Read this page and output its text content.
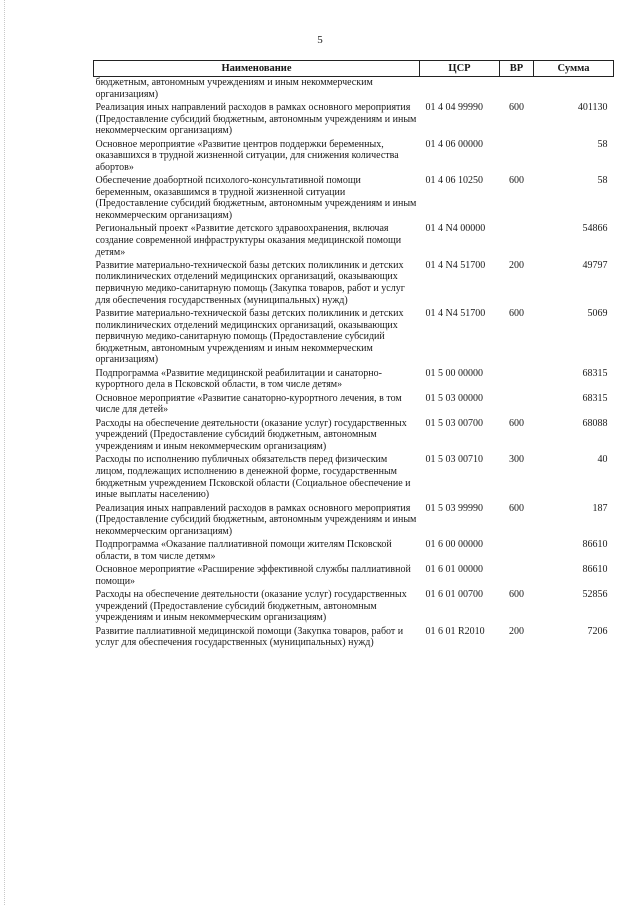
5
Наименование	ЦСР	ВР	Сумма
бюджетным, автономным учреждениям и иным некоммерческим организациям)			
Реализация иных направлений расходов в рамках основного мероприятия (Предоставление субсидий бюджетным, автономным учреждениям и иным некоммерческим организациям)	01 4 04 99990	600	401130
Основное мероприятие «Развитие центров поддержки беременных, оказавшихся в трудной жизненной ситуации, для снижения количества абортов»	01 4 06 00000		58
Обеспечение доабортной психолого-консультативной помощи беременным, оказавшимся в трудной жизненной ситуации (Предоставление субсидий бюджетным, автономным учреждениям и иным некоммерческим организациям)	01 4 06 10250	600	58
Региональный проект «Развитие детского здравоохранения, включая создание современной инфраструктуры оказания медицинской помощи детям»	01 4 N4 00000		54866
Развитие материально-технической базы детских поликлиник и детских поликлинических отделений медицинских организаций, оказывающих первичную медико-санитарную помощь (Закупка товаров, работ и услуг для обеспечения государственных (муниципальных) нужд)	01 4 N4 51700	200	49797
Развитие материально-технической базы детских поликлиник и детских поликлинических отделений медицинских организаций, оказывающих первичную медико-санитарную помощь (Предоставление субсидий бюджетным, автономным учреждениям и иным некоммерческим организациям)	01 4 N4 51700	600	5069
Подпрограмма «Развитие медицинской реабилитации и санаторно-курортного дела в Псковской области, в том числе детям»	01 5 00 00000		68315
Основное мероприятие «Развитие санаторно-курортного лечения, в том числе для детей»	01 5 03 00000		68315
Расходы на обеспечение деятельности (оказание услуг) государственных учреждений (Предоставление субсидий бюджетным, автономным учреждениям и иным некоммерческим организациям)	01 5 03 00700	600	68088
Расходы по исполнению публичных обязательств перед физическим лицом, подлежащих исполнению в денежной форме, государственным бюджетным учреждением Псковской области (Социальное обеспечение и иные выплаты населению)	01 5 03 00710	300	40
Реализация иных направлений расходов в рамках основного мероприятия (Предоставление субсидий бюджетным, автономным учреждениям и иным некоммерческим организациям)	01 5 03 99990	600	187
Подпрограмма «Оказание паллиативной помощи жителям Псковской области, в том числе детям»	01 6 00 00000		86610
Основное мероприятие «Расширение эффективной службы паллиативной помощи»	01 6 01 00000		86610
Расходы на обеспечение деятельности (оказание услуг) государственных учреждений (Предоставление субсидий бюджетным, автономным учреждениям и иным некоммерческим организациям)	01 6 01 00700	600	52856
Развитие паллиативной медицинской помощи (Закупка товаров, работ и услуг для обеспечения государственных (муниципальных) нужд)	01 6 01 R2010	200	7206
